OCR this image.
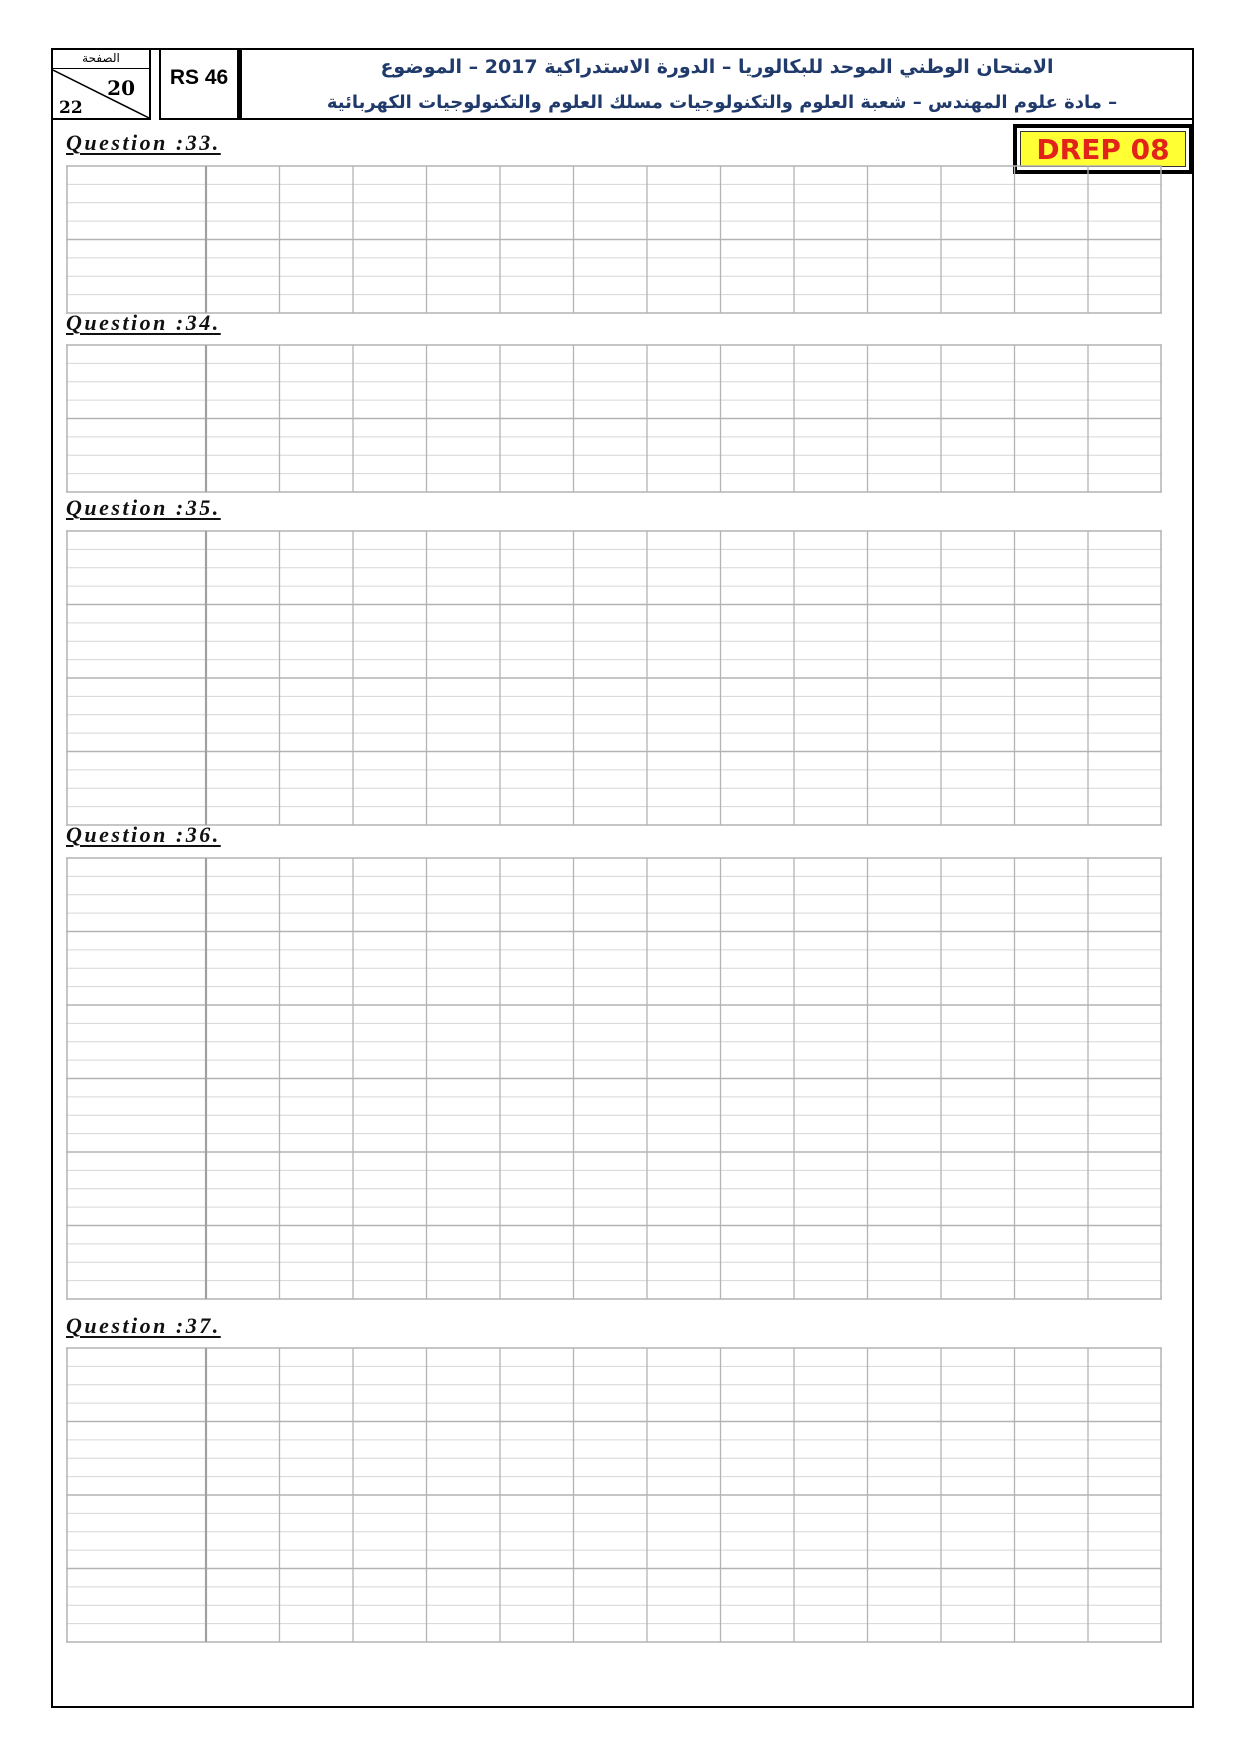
الصفحة
20
22
RS 46	الامتحان الوطني الموحد للبكالوريا – الدورة الاستدراكية 2017 – الموضوع
– مادة علوم المهندس – شعبة العلوم والتكنولوجيات مسلك العلوم والتكنولوجيات الكهربائية
DREP 08
Question :33.
Question :34.
Question :35.
Question :36.
Question :37.
